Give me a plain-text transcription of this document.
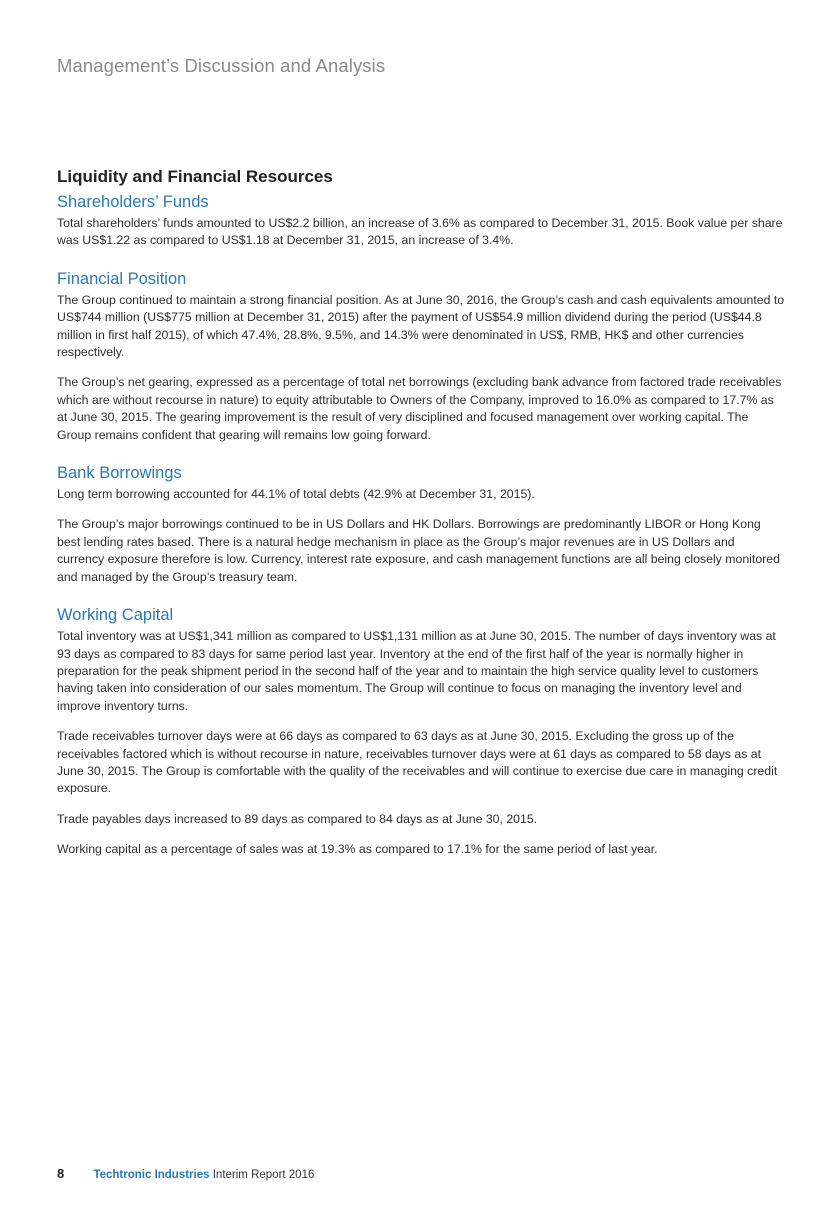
Management’s Discussion and Analysis
Liquidity and Financial Resources
Shareholders’ Funds

Total shareholders’ funds amounted to US$2.2 billion, an increase of 3.6% as compared to December 31, 2015. Book value per share was US$1.22 as compared to US$1.18 at December 31, 2015, an increase of 3.4%.

Financial Position

The Group continued to maintain a strong financial position. As at June 30, 2016, the Group’s cash and cash equivalents amounted to US$744 million (US$775 million at December 31, 2015) after the payment of US$54.9 million dividend during the period (US$44.8 million in first half 2015), of which 47.4%, 28.8%, 9.5%, and 14.3% were denominated in US$, RMB, HK$ and other currencies respectively.

The Group’s net gearing, expressed as a percentage of total net borrowings (excluding bank advance from factored trade receivables which are without recourse in nature) to equity attributable to Owners of the Company, improved to 16.0% as compared to 17.7% as at June 30, 2015. The gearing improvement is the result of very disciplined and focused management over working capital. The Group remains confident that gearing will remains low going forward.

Bank Borrowings

Long term borrowing accounted for 44.1% of total debts (42.9% at December 31, 2015).

The Group’s major borrowings continued to be in US Dollars and HK Dollars. Borrowings are predominantly LIBOR or Hong Kong best lending rates based. There is a natural hedge mechanism in place as the Group’s major revenues are in US Dollars and currency exposure therefore is low. Currency, interest rate exposure, and cash management functions are all being closely monitored and managed by the Group’s treasury team.

Working Capital

Total inventory was at US$1,341 million as compared to US$1,131 million as at June 30, 2015. The number of days inventory was at 93 days as compared to 83 days for same period last year. Inventory at the end of the first half of the year is normally higher in preparation for the peak shipment period in the second half of the year and to maintain the high service quality level to customers having taken into consideration of our sales momentum. The Group will continue to focus on managing the inventory level and improve inventory turns.

Trade receivables turnover days were at 66 days as compared to 63 days as at June 30, 2015. Excluding the gross up of the receivables factored which is without recourse in nature, receivables turnover days were at 61 days as compared to 58 days as at June 30, 2015. The Group is comfortable with the quality of the receivables and will continue to exercise due care in managing credit exposure.

Trade payables days increased to 89 days as compared to 84 days as at June 30, 2015.

Working capital as a percentage of sales was at 19.3% as compared to 17.1% for the same period of last year.

8	Techtronic Industries Interim Report 2016
